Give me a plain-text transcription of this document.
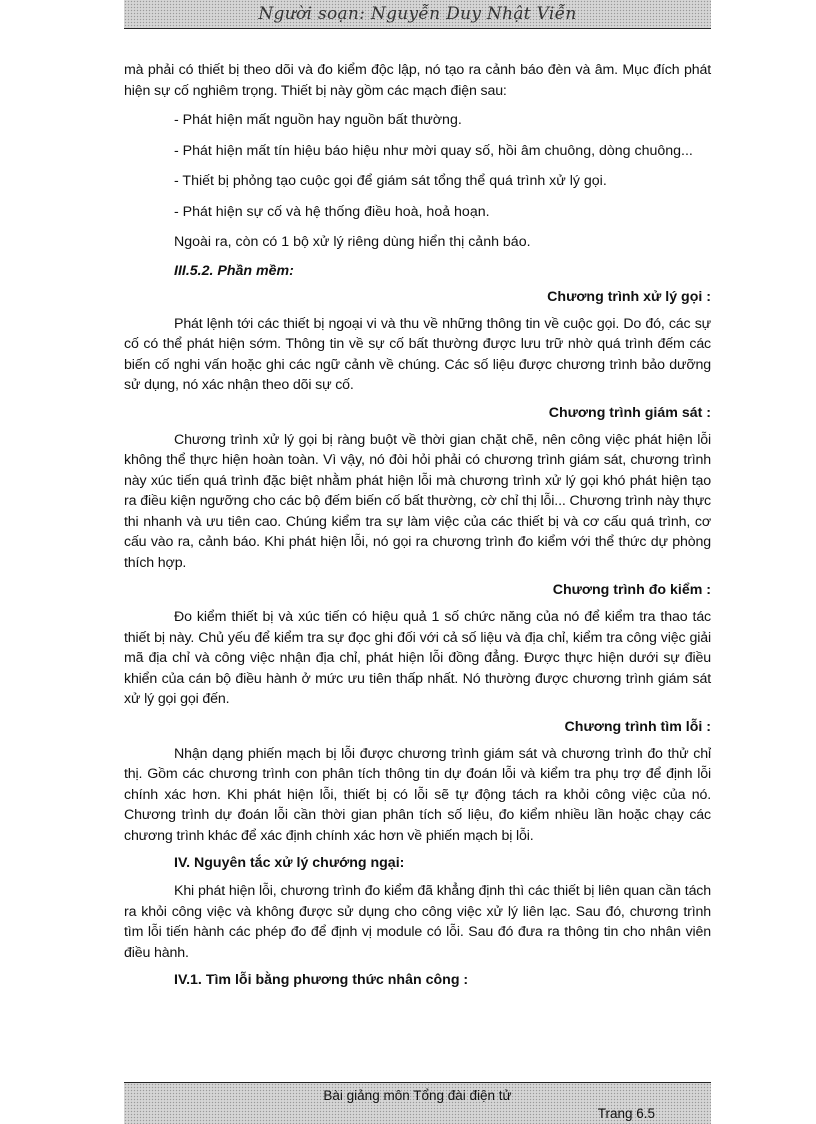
Người soạn: Nguyễn Duy Nhật Viễn

mà phải có thiết bị theo dõi và đo kiểm độc lập, nó tạo ra cảnh báo đèn và âm. Mục đích phát hiện sự cố nghiêm trọng. Thiết bị này gồm các mạch điện sau:

- Phát hiện mất nguồn hay nguồn bất thường.
- Phát hiện mất tín hiệu báo hiệu như mời quay số, hồi âm chuông, dòng chuông...
- Thiết bị phỏng tạo cuộc gọi để giám sát tổng thể quá trình xử lý gọi.
- Phát hiện sự cố và hệ thống điều hoà, hoả hoạn.
Ngoài ra, còn có 1 bộ xử lý riêng dùng hiển thị cảnh báo.
III.5.2. Phần mềm:
Chương trình xử lý gọi :

Phát lệnh tới các thiết bị ngoại vi và thu về những thông tin về cuộc gọi. Do đó, các sự cố có thể phát hiện sớm. Thông tin về sự cố bất thường được lưu trữ nhờ quá trình đếm các biến cố nghi vấn hoặc ghi các ngữ cảnh về chúng. Các số liệu được chương trình bảo dưỡng sử dụng, nó xác nhận theo dõi sự cố.

Chương trình giám sát :

Chương trình xử lý gọi bị ràng buột về thời gian chặt chẽ, nên công việc phát hiện lỗi không thể thực hiện hoàn toàn. Vì vậy, nó đòi hỏi phải có chương trình giám sát, chương trình này xúc tiến quá trình đặc biệt nhằm phát hiện lỗi mà chương trình xử lý gọi khó phát hiện tạo ra điều kiện ngưỡng cho các bộ đếm biến cố bất thường, cờ chỉ thị lỗi... Chương trình này thực thi nhanh và ưu tiên cao. Chúng kiểm tra sự làm việc của các thiết bị và cơ cấu quá trình, cơ cấu vào ra, cảnh báo. Khi phát hiện lỗi, nó gọi ra chương trình đo kiểm với thể thức dự phòng thích hợp.

Chương trình đo kiểm :

Đo kiểm thiết bị và xúc tiến có hiệu quả 1 số chức năng của nó để kiểm tra thao tác thiết bị này. Chủ yếu để kiểm tra sự đọc ghi đối với cả số liệu và địa chỉ, kiểm tra công việc giải mã địa chỉ và công việc nhận địa chỉ, phát hiện lỗi đồng đẳng. Được thực hiện dưới sự điều khiển của cán bộ điều hành ở mức ưu tiên thấp nhất. Nó thường được chương trình giám sát xử lý gọi gọi đến.

Chương trình tìm lỗi :

Nhận dạng phiến mạch bị lỗi được chương trình giám sát và chương trình đo thử chỉ thị. Gồm các chương trình con phân tích thông tin dự đoán lỗi và kiểm tra phụ trợ để định lỗi chính xác hơn. Khi phát hiện lỗi, thiết bị có lỗi sẽ tự động tách ra khỏi công việc của nó. Chương trình dự đoán lỗi cần thời gian phân tích số liệu, đo kiểm nhiều lần hoặc chạy các chương trình khác để xác định chính xác hơn về phiến mạch bị lỗi.

IV. Nguyên tắc xử lý chướng ngại:

Khi phát hiện lỗi, chương trình đo kiểm đã khẳng định thì các thiết bị liên quan cần tách ra khỏi công việc và không được sử dụng cho công việc xử lý liên lạc. Sau đó, chương trình tìm lỗi tiến hành các phép đo để định vị module có lỗi. Sau đó đưa ra thông tin cho nhân viên điều hành.

IV.1. Tìm lỗi bằng phương thức nhân công :
Bài giảng môn Tổng đài điện tử
Trang 6.5
